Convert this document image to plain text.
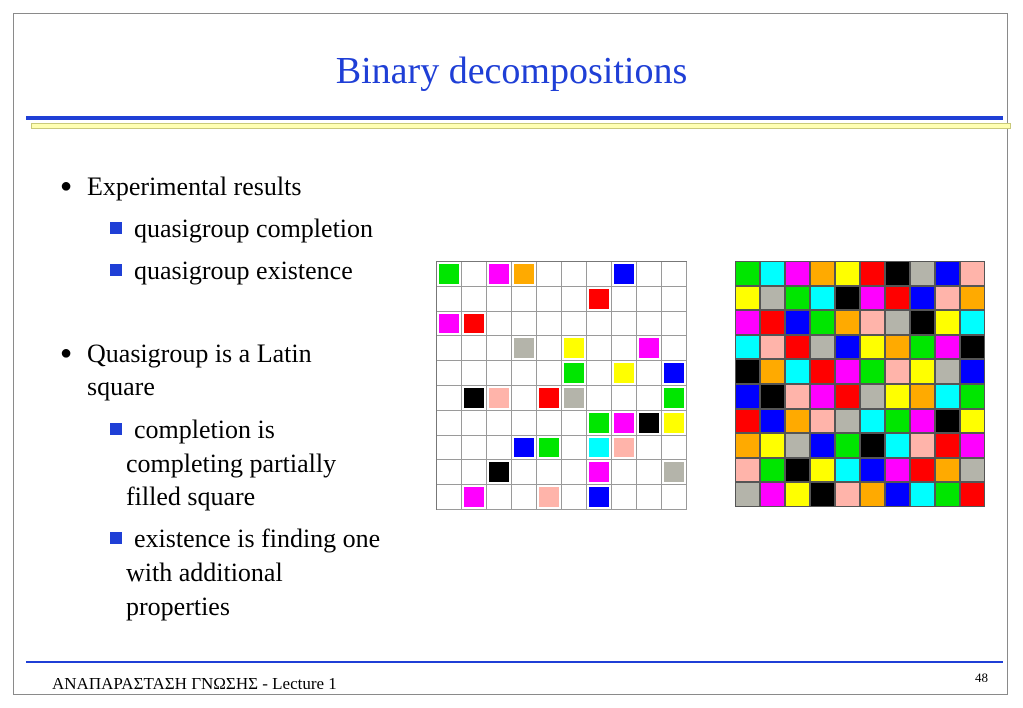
Binary decompositions
● Experimental results
quasigroup completion
quasigroup existence
● Quasigroup is a Latin
square
completion is
completing partially
filled square
existence is finding one
with additional
properties
ΑΝΑΠΑΡΑΣΤΑΣΗ ΓΝΩΣΗΣ - Lecture 1	48
